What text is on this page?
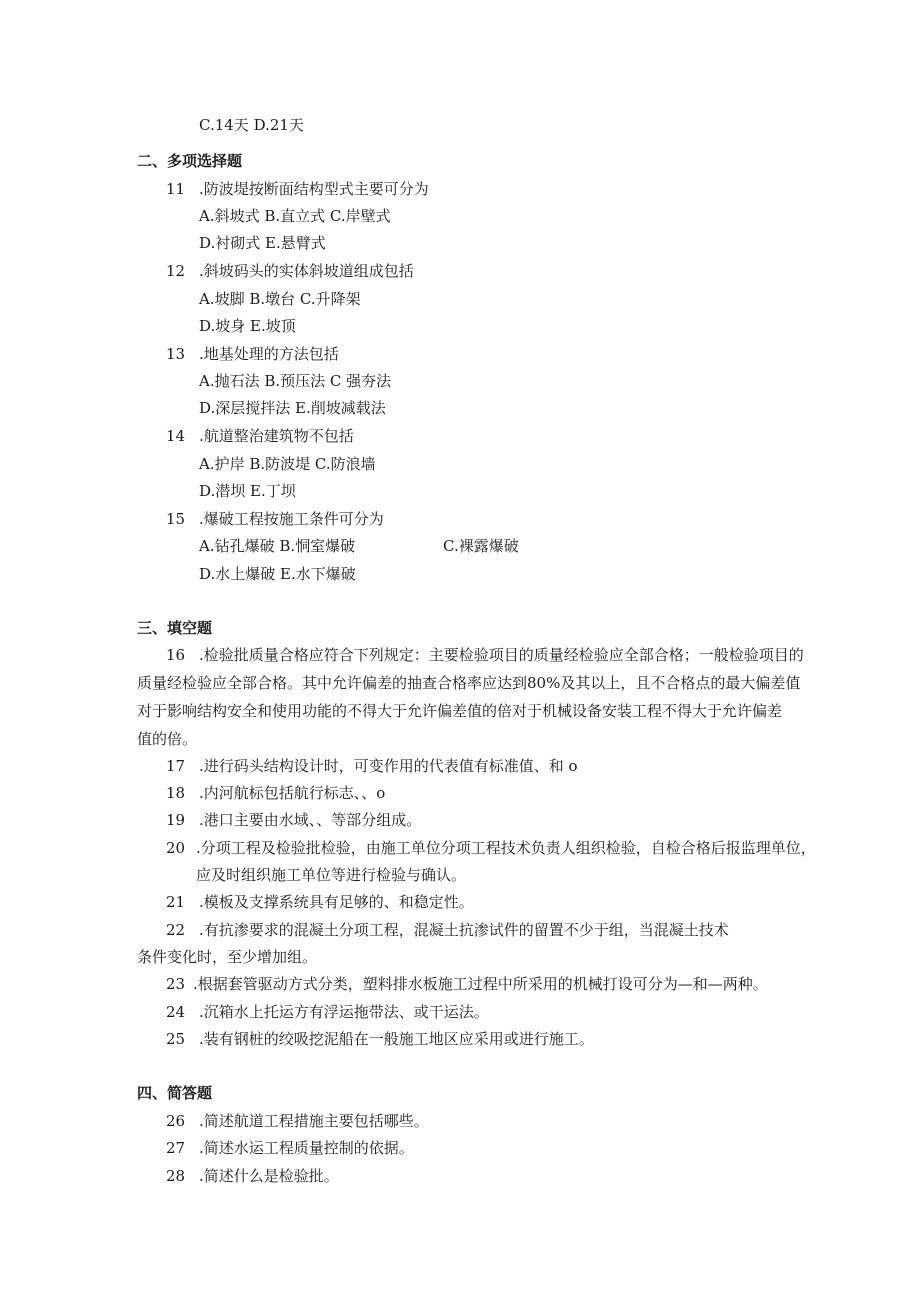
C.14天 D.21天
二、多项选择题
11 .防波堤按断面结构型式主要可分为
A.斜坡式 B.直立式 C.岸壁式
D.衬砌式 E.悬臂式
12 .斜坡码头的实体斜坡道组成包括
A.坡脚 B.墩台 C.升降架
D.坡身 E.坡顶
13 .地基处理的方法包括
A.抛石法 B.预压法 C 强夯法
D.深层搅拌法 E.削坡减载法
14 .航道整治建筑物不包括
A.护岸 B.防波堤 C.防浪墙
D.潜坝 E.丁坝
15 .爆破工程按施工条件可分为
A.钻孔爆破 B.恫室爆破	C.裸露爆破
D.水上爆破 E.水下爆破
三、填空题
16 .检验批质量合格应符合下列规定：主要检验项目的质量经检验应全部合格；一般检验项目的
质量经检验应全部合格。其中允许偏差的抽查合格率应达到80%及其以上，且不合格点的最大偏差值
对于影响结构安全和使用功能的不得大于允许偏差值的倍对于机械设备安装工程不得大于允许偏差
值的倍。
17 .进行码头结构设计时，可变作用的代表值有标准值、和 o
18 .内河航标包括航行标志、、o
19 .港口主要由水域、、等部分组成。
20 .分项工程及检验批检验，由施工单位分项工程技术负责人组织检验，自检合格后报监理单位，
应及时组织施工单位等进行检验与确认。
21 .模板及支撑系统具有足够的、和稳定性。
22 .有抗渗要求的混凝土分项工程，混凝土抗渗试件的留置不少于组，当混凝土技术
条件变化时，至少增加组。
23 .根据套管驱动方式分类，塑料排水板施工过程中所采用的机械打设可分为—和—两种。
24 .沉箱水上托运方有浮运拖带法、或干运法。
25 .装有钢桩的绞吸挖泥船在一般施工地区应采用或进行施工。
四、简答题
26 .简述航道工程措施主要包括哪些。
27 .简述水运工程质量控制的依据。
28 .简述什么是检验批。
